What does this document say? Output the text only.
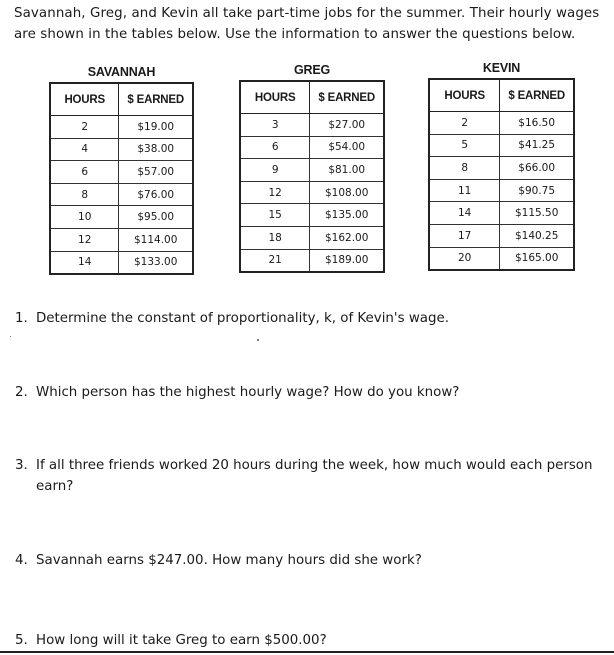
Savannah, Greg, and Kevin all take part-time jobs for the summer. Their hourly wages are shown in the tables below. Use the information to answer the questions below.
SAVANNAH
HOURS	$ EARNED
2	$19.00
4	$38.00
6	$57.00
8	$76.00
10	$95.00
12	$114.00
14	$133.00
GREG
HOURS	$ EARNED
3	$27.00
6	$54.00
9	$81.00
12	$108.00
15	$135.00
18	$162.00
21	$189.00
KEVIN
HOURS	$ EARNED
2	$16.50
5	$41.25
8	$66.00
11	$90.75
14	$115.50
17	$140.25
20	$165.00
1. Determine the constant of proportionality, k, of Kevin's wage.
2. Which person has the highest hourly wage? How do you know?
3. If all three friends worked 20 hours during the week, how much would each person earn?
4. Savannah earns $247.00. How many hours did she work?
5. How long will it take Greg to earn $500.00?
